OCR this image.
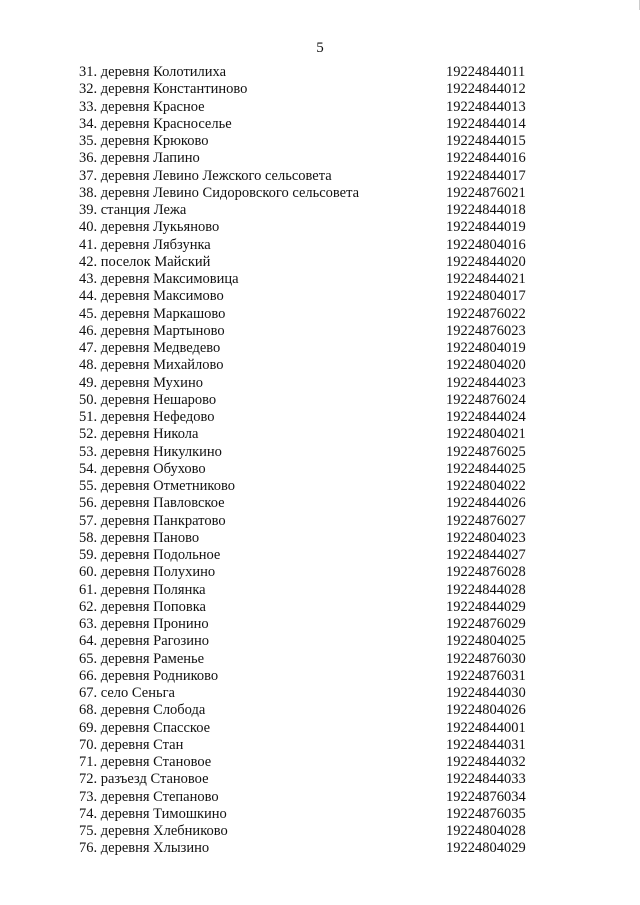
5
31. деревня Колотилиха	19224844011
32. деревня Константиново	19224844012
33. деревня Красное	19224844013
34. деревня Красноселье	19224844014
35. деревня Крюково	19224844015
36. деревня Лапино	19224844016
37. деревня Левино Лежского сельсовета	19224844017
38. деревня Левино Сидоровского сельсовета	19224876021
39. станция Лежа	19224844018
40. деревня Лукьяново	19224844019
41. деревня Лябзунка	19224804016
42. поселок Майский	19224844020
43. деревня Максимовица	19224844021
44. деревня Максимово	19224804017
45. деревня Маркашово	19224876022
46. деревня Мартыново	19224876023
47. деревня Медведево	19224804019
48. деревня Михайлово	19224804020
49. деревня Мухино	19224844023
50. деревня Нешарово	19224876024
51. деревня Нефедово	19224844024
52. деревня Никола	19224804021
53. деревня Никулкино	19224876025
54. деревня Обухово	19224844025
55. деревня Отметниково	19224804022
56. деревня Павловское	19224844026
57. деревня Панкратово	19224876027
58. деревня Паново	19224804023
59. деревня Подольное	19224844027
60. деревня Полухино	19224876028
61. деревня Полянка	19224844028
62. деревня Поповка	19224844029
63. деревня Пронино	19224876029
64. деревня Рагозино	19224804025
65. деревня Раменье	19224876030
66. деревня Родниково	19224876031
67. село Сеньга	19224844030
68. деревня Слобода	19224804026
69. деревня Спасское	19224844001
70. деревня Стан	19224844031
71. деревня Становое	19224844032
72. разъезд Становое	19224844033
73. деревня Степаново	19224876034
74. деревня Тимошкино	19224876035
75. деревня Хлебниково	19224804028
76. деревня Хлызино	19224804029
